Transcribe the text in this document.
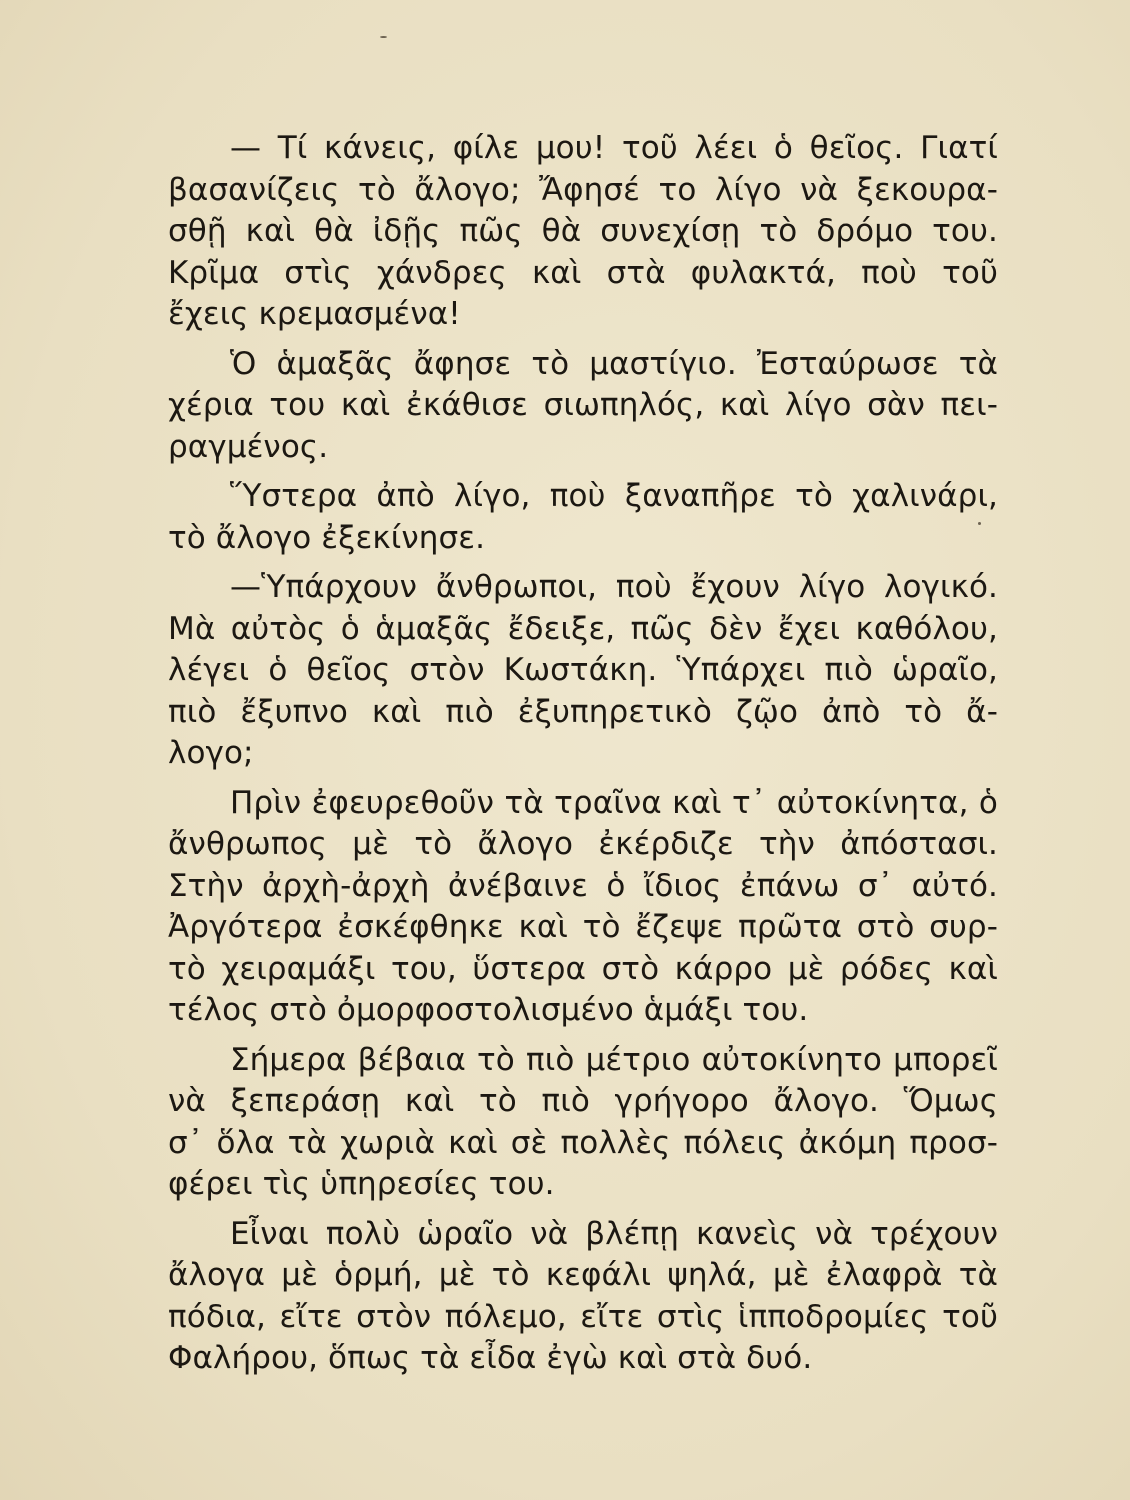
— Τί κάνεις, φίλε μου! τοῦ λέει ὁ θεῖος. Γιατί
βασανίζεις τὸ ἄλογο; Ἄφησέ το λίγο νὰ ξεκουρα-
σθῇ καὶ θὰ ἰδῇς πῶς θὰ συνεχίσῃ τὸ δρόμο του.
Κρῖμα στὶς χάνδρες καὶ στὰ φυλακτά, ποὺ τοῦ
ἔχεις κρεμασμένα!
Ὁ ἁμαξᾶς ἄφησε τὸ μαστίγιο. Ἐσταύρωσε τὰ
χέρια του καὶ ἐκάθισε σιωπηλός, καὶ λίγο σὰν πει-
ραγμένος.
Ὕστερα ἀπὸ λίγο, ποὺ ξαναπῆρε τὸ χαλινάρι,
τὸ ἄλογο ἐξεκίνησε.
—Ὑπάρχουν ἄνθρωποι, ποὺ ἔχουν λίγο λογικό.
Μὰ αὐτὸς ὁ ἁμαξᾶς ἔδειξε, πῶς δὲν ἔχει καθόλου,
λέγει ὁ θεῖος στὸν Κωστάκη. Ὑπάρχει πιὸ ὡραῖο,
πιὸ ἔξυπνο καὶ πιὸ ἐξυπηρετικὸ ζῷο ἀπὸ τὸ ἄ-
λογο;
Πρὶν ἐφευρεθοῦν τὰ τραῖνα καὶ τ᾽ αὐτοκίνητα, ὁ
ἄνθρωπος μὲ τὸ ἄλογο ἐκέρδιζε τὴν ἀπόστασι.
Στὴν ἀρχὴ-ἀρχὴ ἀνέβαινε ὁ ἴδιος ἐπάνω σ᾽ αὐτό.
Ἀργότερα ἐσκέφθηκε καὶ τὸ ἔζεψε πρῶτα στὸ συρ-
τὸ χειραμάξι του, ὕστερα στὸ κάρρο μὲ ρόδες καὶ
τέλος στὸ ὀμορφοστολισμένο ἁμάξι του.
Σήμερα βέβαια τὸ πιὸ μέτριο αὐτοκίνητο μπορεῖ
νὰ ξεπεράσῃ καὶ τὸ πιὸ γρήγορο ἄλογο. Ὅμως
σ᾽ ὅλα τὰ χωριὰ καὶ σὲ πολλὲς πόλεις ἀκόμη προσ-
φέρει τὶς ὑπηρεσίες του.
Εἶναι πολὺ ὡραῖο νὰ βλέπῃ κανεὶς νὰ τρέχουν
ἄλογα μὲ ὁρμή, μὲ τὸ κεφάλι ψηλά, μὲ ἐλαφρὰ τὰ
πόδια, εἴτε στὸν πόλεμο, εἴτε στὶς ἱπποδρομίες τοῦ
Φαλήρου, ὅπως τὰ εἶδα ἐγὼ καὶ στὰ δυό.
